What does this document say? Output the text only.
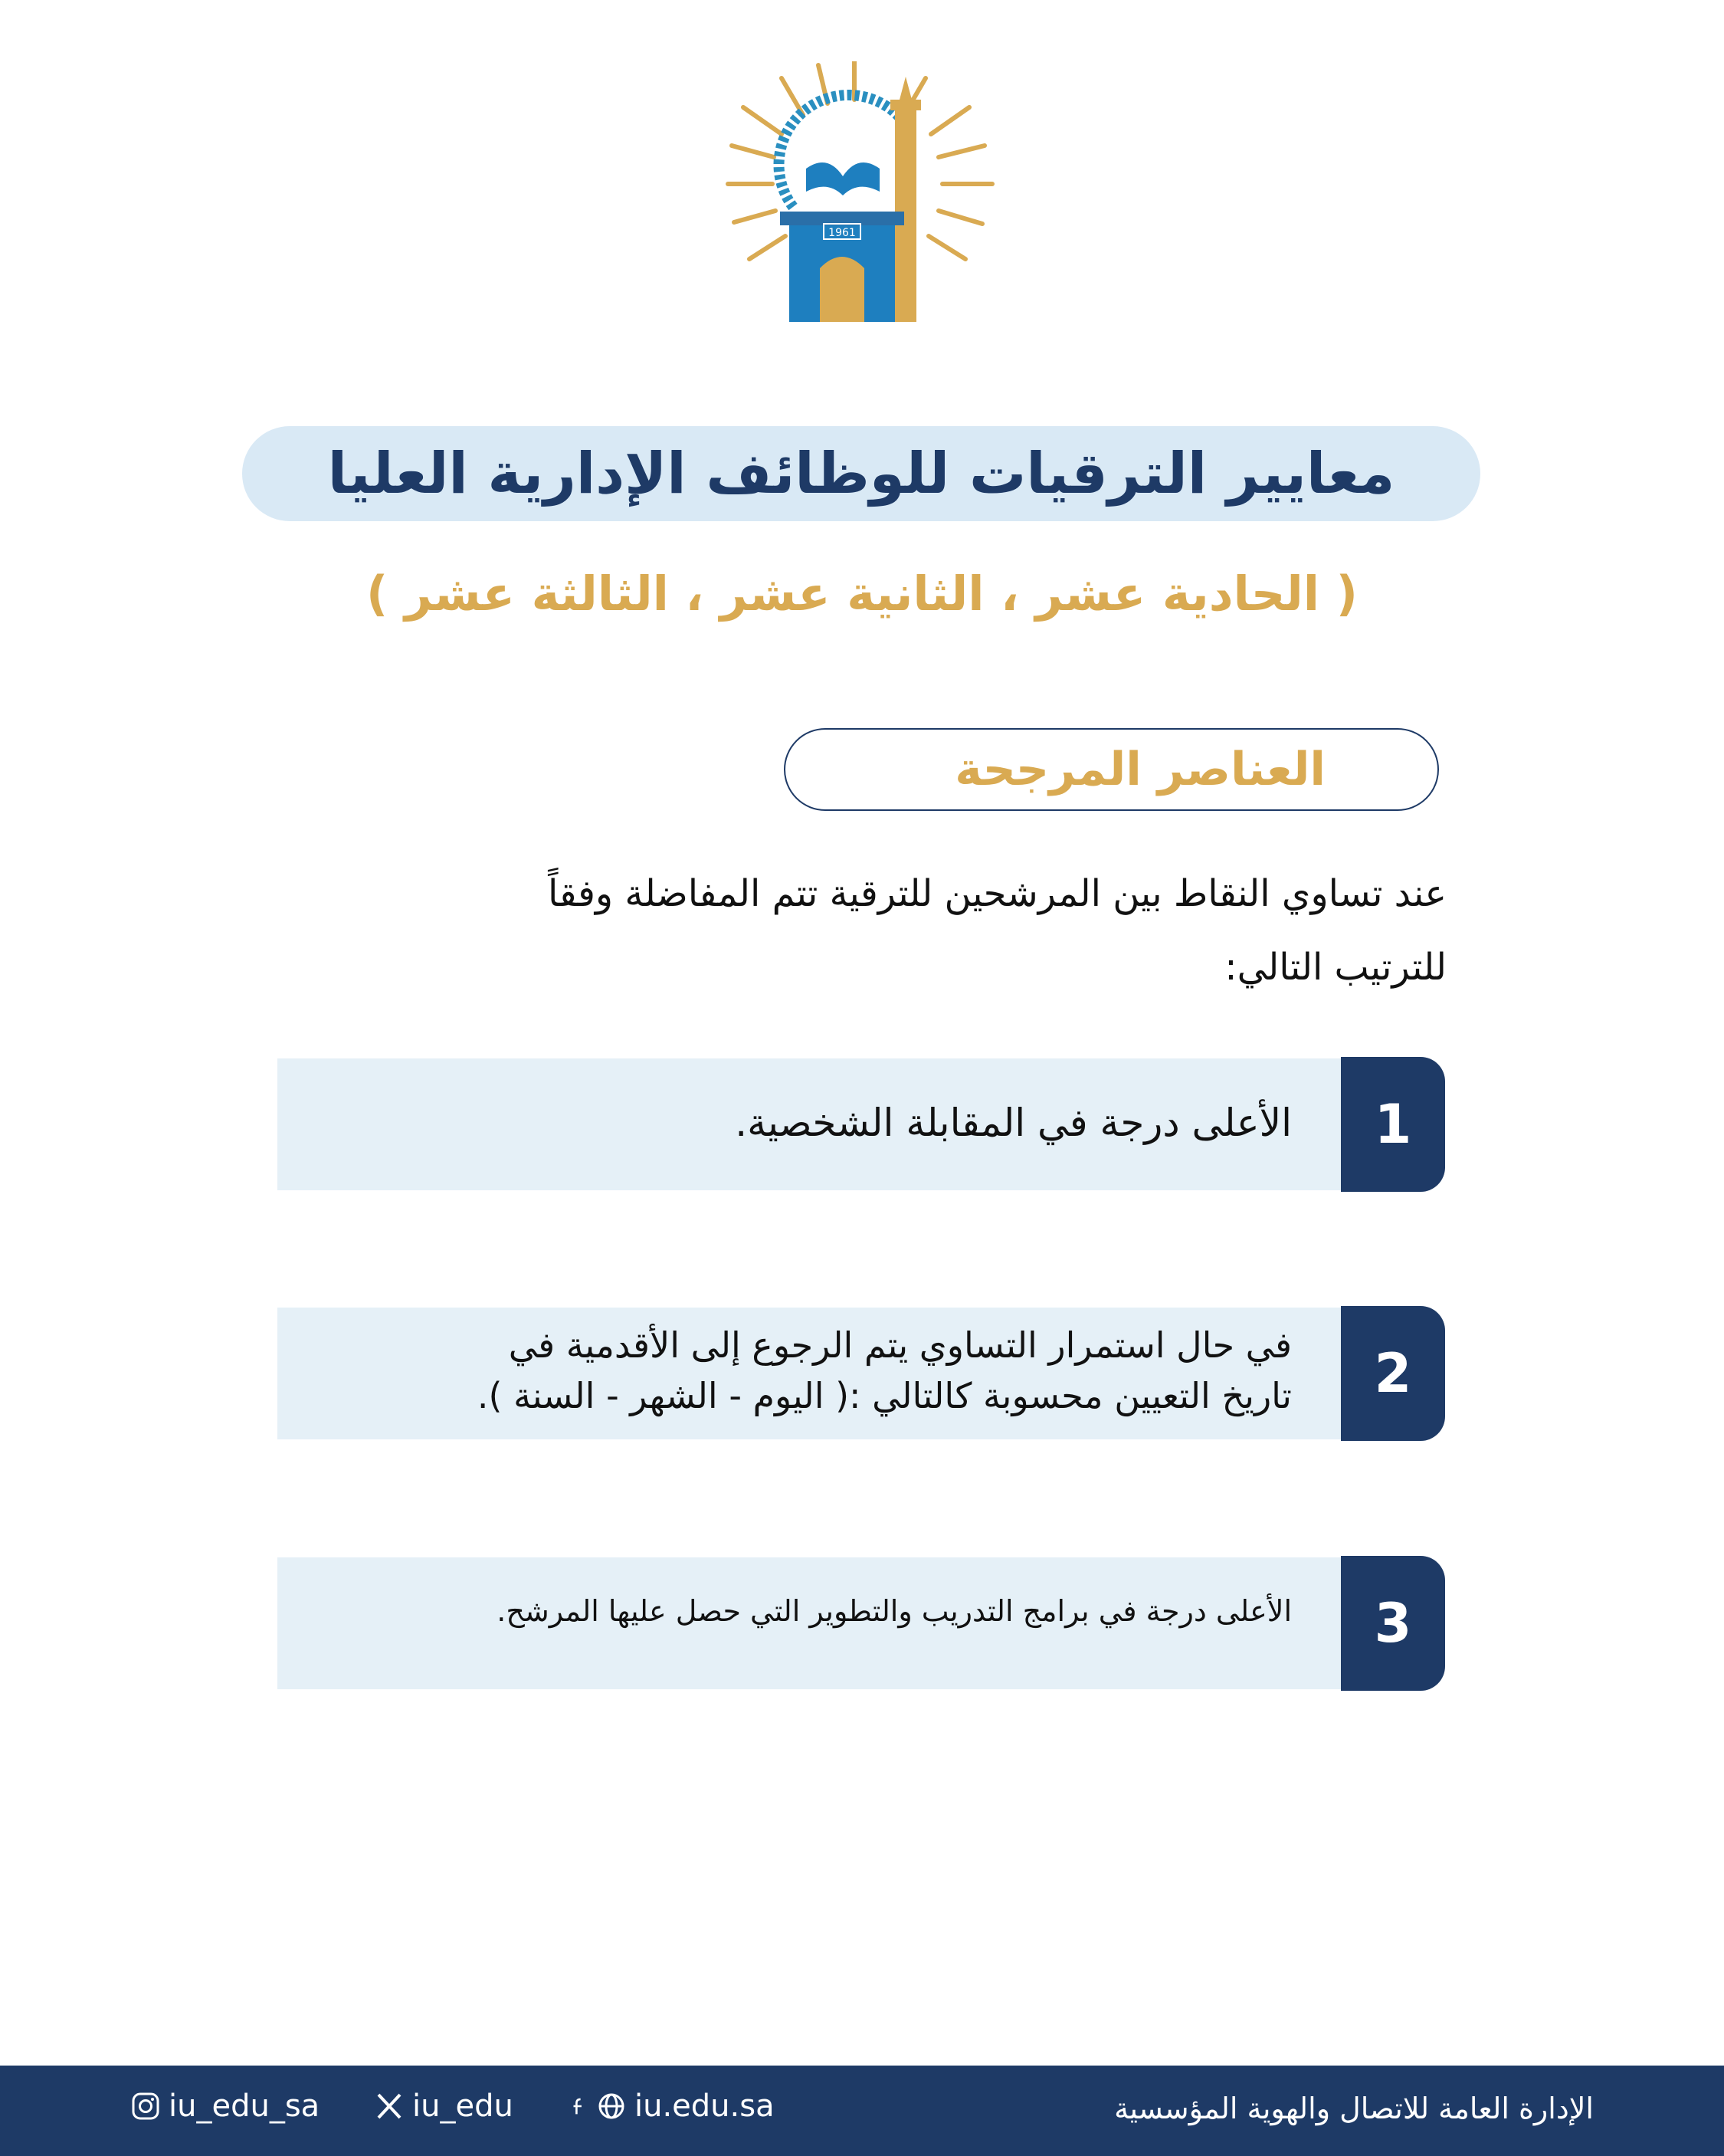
1961
معايير الترقيات للوظائف الإدارية العليا
( الحادية عشر ، الثانية عشر ، الثالثة عشر )
العناصر المرجحة
عند تساوي النقاط بين المرشحين للترقية تتم المفاضلة وفقاً
للترتيب التالي:
1
الأعلى درجة في المقابلة الشخصية.
2
في حال استمرار التساوي يتم الرجوع إلى الأقدمية في
تاريخ التعيين محسوبة كالتالي :( اليوم - الشهر - السنة ).
3
الأعلى درجة في برامج التدريب والتطوير التي حصل عليها المرشح.
iu_edu_sa	iu_edu	iu.edu.sa	الإدارة العامة للاتصال والهوية المؤسسية
